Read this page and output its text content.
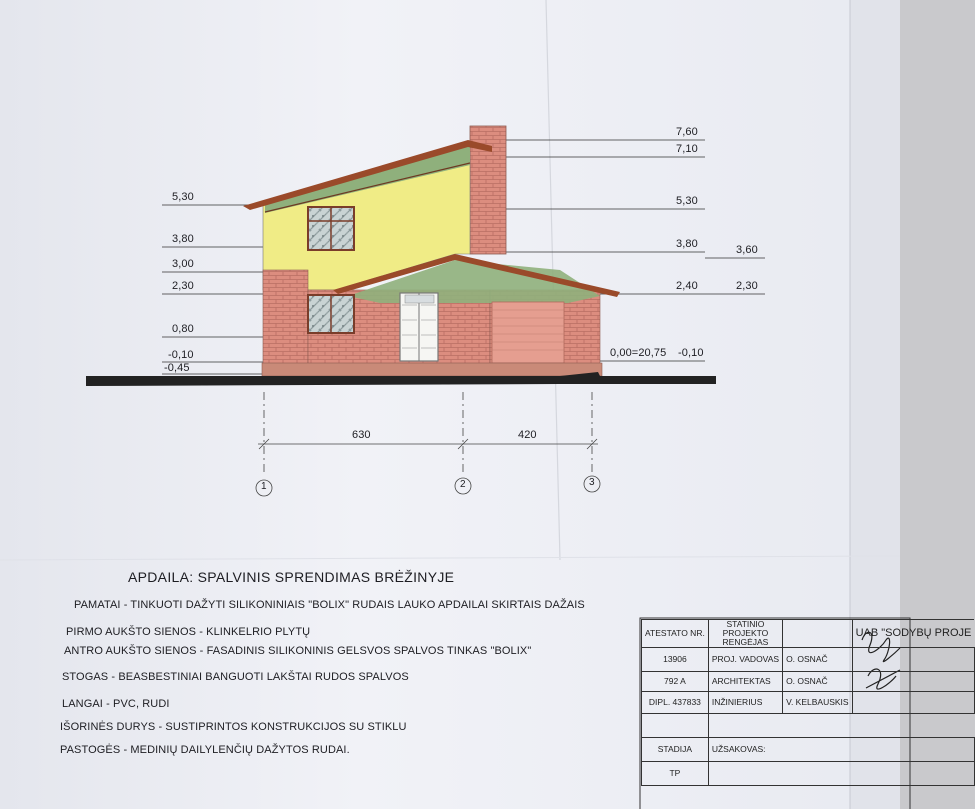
5,30
3,80
3,00
2,30
0,80
-0,10
-0,45
7,60
7,10
5,30
3,80
2,40
0,00=20,75 -0,10
3,60
2,30
630	420
1	2	3
APDAILA: SPALVINIS SPRENDIMAS BRĖŽINYJE
PAMATAI - TINKUOTI DAŽYTI SILIKONINIAIS "BOLIX" RUDAIS LAUKO APDAILAI SKIRTAIS DAŽAIS
PIRMO AUKŠTO SIENOS - KLINKELRIO PLYTŲ
ANTRO AUKŠTO SIENOS - FASADINIS SILIKONINIS GELSVOS SPALVOS TINKAS "BOLIX"
STOGAS - BEASBESTINIAI BANGUOTI LAKŠTAI RUDOS SPALVOS
LANGAI - PVC, RUDI
IŠORINĖS DURYS - SUSTIPRINTOS KONSTRUKCIJOS SU STIKLU
PASTOGĖS - MEDINIŲ DAILYLENČIŲ DAŽYTOS RUDAI.
ATESTATO NR.	STATINIO PROJEKTO RENGĖJAS		UAB "SODYBŲ PROJE
13906	PROJ. VADOVAS	O. OSNAČ	
792 A	ARCHITEKTAS	O. OSNAČ	
DIPL. 437833	INŽINIERIUS	V. KELBAUSKIS	

STADIJA	UŽSAKOVAS:		
TP			
